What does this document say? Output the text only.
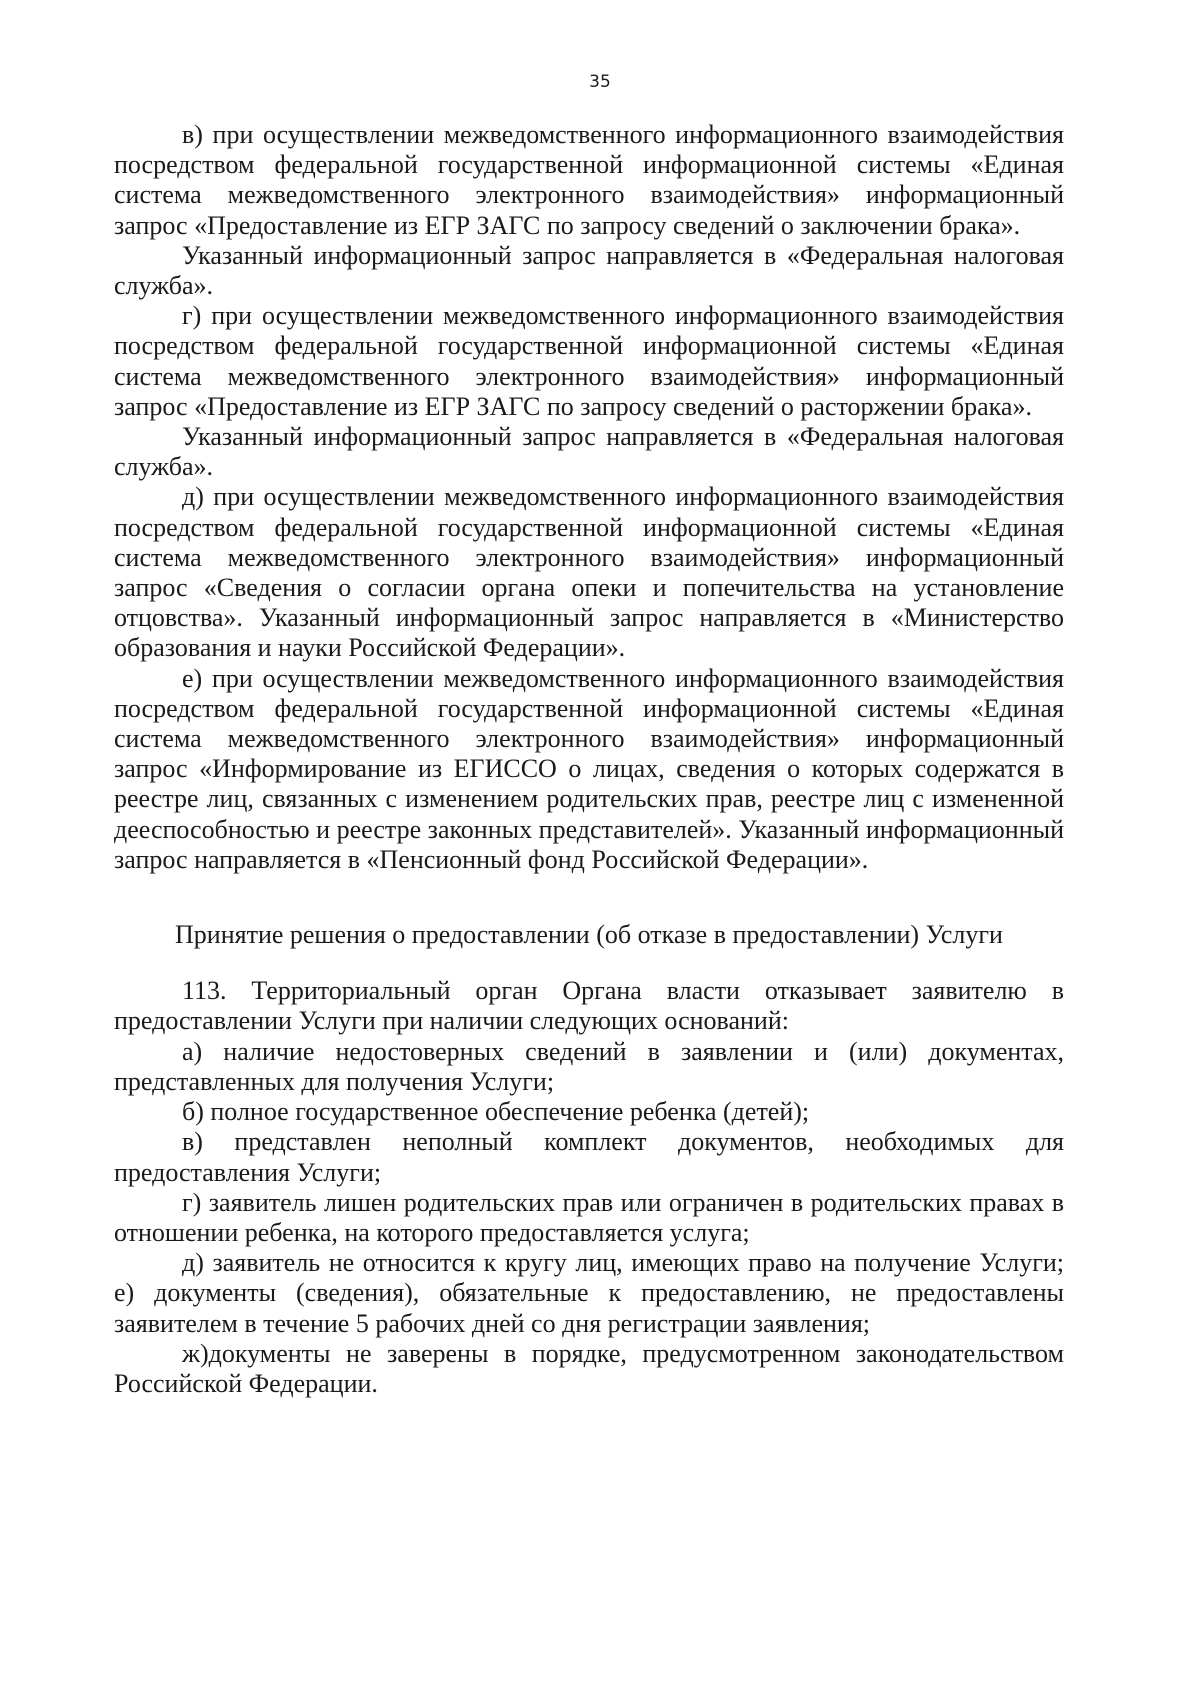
35

в) при осуществлении межведомственного информационного взаимодействия посредством федеральной государственной информационной системы «Единая система межведомственного электронного взаимодействия» информационный запрос «Предоставление из ЕГР ЗАГС по запросу сведений о заключении брака».

Указанный информационный запрос направляется в «Федеральная налоговая служба».

г) при осуществлении межведомственного информационного взаимодействия посредством федеральной государственной информационной системы «Единая система межведомственного электронного взаимодействия» информационный запрос «Предоставление из ЕГР ЗАГС по запросу сведений о расторжении брака».

Указанный информационный запрос направляется в «Федеральная налоговая служба».

д) при осуществлении межведомственного информационного взаимодействия посредством федеральной государственной информационной системы «Единая система межведомственного электронного взаимодействия» информационный запрос «Сведения о согласии органа опеки и попечительства на установление отцовства». Указанный информационный запрос направляется в «Министерство образования и науки Российской Федерации».

е) при осуществлении межведомственного информационного взаимодействия посредством федеральной государственной информационной системы «Единая система межведомственного электронного взаимодействия» информационный запрос «Информирование из ЕГИССО о лицах, сведения о которых содержатся в реестре лиц, связанных с изменением родительских прав, реестре лиц с измененной дееспособностью и реестре законных представителей». Указанный информационный запрос направляется в «Пенсионный фонд Российской Федерации».

Принятие решения о предоставлении (об отказе в предоставлении) Услуги

113. Территориальный орган Органа власти отказывает заявителю в предоставлении Услуги при наличии следующих оснований:

а) наличие недостоверных сведений в заявлении и (или) документах, представленных для получения Услуги;

б) полное государственное обеспечение ребенка (детей);

в) представлен неполный комплект документов, необходимых для предоставления Услуги;

г) заявитель лишен родительских прав или ограничен в родительских правах в отношении ребенка, на которого предоставляется услуга;

д) заявитель не относится к кругу лиц, имеющих право на получение Услуги; е) документы (сведения), обязательные к предоставлению, не предоставлены заявителем в течение 5 рабочих дней со дня регистрации заявления;

ж)документы не заверены в порядке, предусмотренном законодательством Российской Федерации.
